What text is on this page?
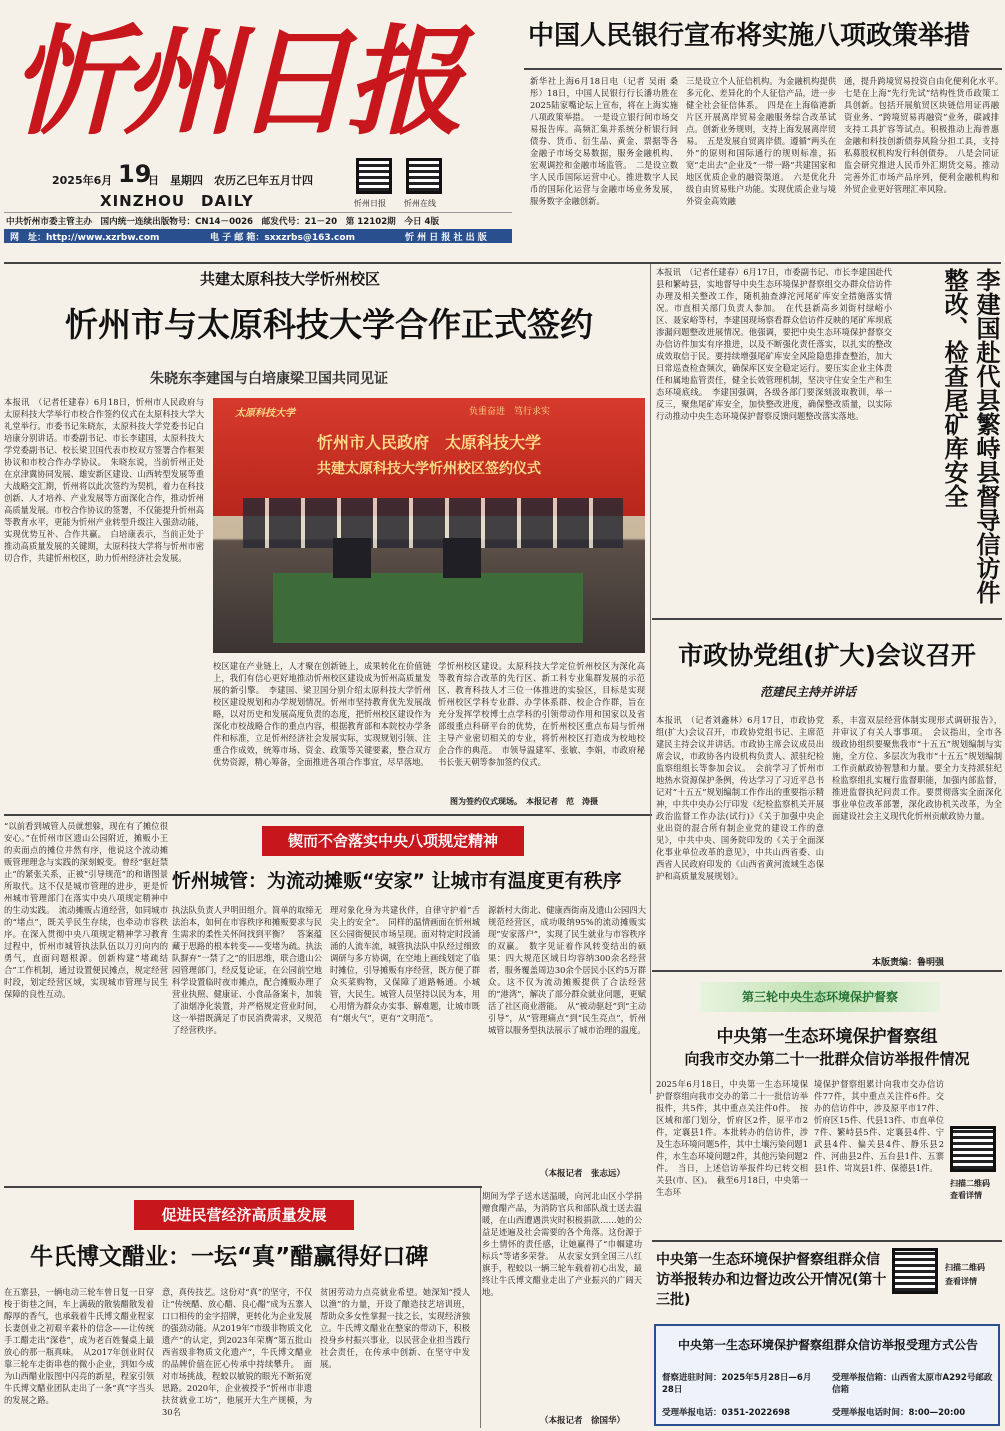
忻州日报
2025年6月 19
日　星期四　农历乙巳年五月廿四
XINZHOU　DAILY	忻州日报 忻州在线
中共忻州市委主管主办　国内统一连续出版物号：CN14－0026　邮发代号：21－20　第 12102期　今日 4版
网　址：http://www.xzrbw.com	电 子 邮 箱：sxxzrbs@163.com	忻 州 日 报 社 出 版
中国人民银行宣布将实施八项政策举措
新华社上海6月18日电（记者 吴雨 桑彤）18日，中国人民银行行长潘功胜在2025陆家嘴论坛上宣布，将在上海实施八项政策举措。　一是设立银行间市场交易报告库。高频汇集并系统分析银行间债券、货币、衍生品、黄金、票据等各金融子市场交易数据，服务金融机构、宏观调控和金融市场监管。　二是设立数字人民币国际运营中心。推进数字人民币的国际化运营与金融市场业务发展，服务数字金融创新。
三是设立个人征信机构。为金融机构提供多元化、差异化的个人征信产品，进一步健全社会征信体系。　四是在上海临港新片区开展离岸贸易金融服务综合改革试点。创新业务规则，支持上海发展离岸贸易。　五是发展自贸离岸债。遵循“两头在外”的原则和国际通行的规则标准，拓宽“走出去”企业及“一带一路”共建国家和地区优质企业的融资渠道。　六是优化升级自由贸易账户功能。实现优质企业与境外资金高效融
通，提升跨境贸易投资自由化便利化水平。　七是在上海“先行先试”结构性货币政策工具创新。包括开展航贸区块链信用证再融资业务、“跨境贸易再融资”业务，碳减排支持工具扩容等试点。积极推动上海普惠金融和科技创新债券风险分担工具，支持私募股权机构发行科创债券。　八是会同证监会研究推进人民币外汇期货交易。推动完善外汇市场产品序列，便利金融机构和外贸企业更好管理汇率风险。
共建太原科技大学忻州校区
忻州市与太原科技大学合作正式签约
朱晓东李建国与白培康梁卫国共同见证
本报讯　（记者任建春）6月18日，忻州市人民政府与太原科技大学举行市校合作签约仪式在太原科技大学大礼堂举行。市委书记朱晓东，太原科技大学党委书记白培康分别讲话。市委副书记、市长李建国，太原科技大学党委副书记、校长梁卫国代表市校双方签署合作框架协议和市校合作办学协议。　朱晓东说，当前忻州正处在京津冀协同发展、雄安新区建设、山西转型发展等重大战略交汇期，忻州将以此次签约为契机，着力在科技创新、人才培养、产业发展等方面深化合作，推动忻州高质量发展。市校合作协议的签署，不仅能提升忻州高等教育水平，更能为忻州产业转型升级注入强劲动能，实现优势互补、合作共赢。　白培康表示，当前正处于推动高质量发展的关键期，太原科技大学将与忻州市密切合作，共建忻州校区，助力忻州经济社会发展。
太原科技大学	负重奋进　笃行求实
忻州市人民政府　太原科技大学
共建太原科技大学忻州校区签约仪式
图为签约仪式现场。　本报记者　范　涛摄
校区建在产业链上，人才聚在创新链上，成果转化在价值链上，我们有信心更好地推动忻州校区建设成为忻州高质量发展的新引擎。　李建国、梁卫国分别介绍太原科技大学忻州校区建设规划和办学规划情况。忻州市坚持教育优先发展战略，以对历史和发展高度负责的态度，把忻州校区建设作为深化市校战略合作的重点内容，根据教育部和本院校办学条件和标准，立足忻州经济社会发展实际，实现规划引领、注重合作成效，统筹市场、资金、政策等关键要素，整合双方优势资源，精心筹备，全面推进各项合作事宜，尽早落地。
学忻州校区建设。太原科技大学定位忻州校区为深化高等教育综合改革的先行区、新工科专业集群发展的示范区、教育科技人才三位一体推进的实验区，目标是实现忻州校区学科专业群、办学体系群、校企合作群，旨在充分发挥学校博士点学科的引领带动作用和国家以及省部级重点科研平台的优势，在忻州校区重点布局与忻州主导产业密切相关的专业，将忻州校区打造成为校地校企合作的典范。　市领导温建军、张敏、李娟，市政府秘书长张天朝等参加签约仪式。
本报讯　（记者任建春）6月17日，市委副书记、市长李建国赴代县和繁峙县，实地督导中央生态环境保护督察组交办群众信访件办理及相关整改工作，随机抽查滹沱河尾矿库安全措施落实情况。市直相关部门负责人参加。　在代县新高乡刘街村绿峪小区、聂家峪等村，李建国现场察看群众信访件反映的尾矿库坝底渗漏问题整改进展情况。他强调，要把中央生态环境保护督察交办信访件加实有序推进，以及不断强化责任落实，以扎实的整改成效取信于民。要持续增强尾矿库安全风险隐患排查整治，加大日常巡查检查频次，确保库区安全稳定运行。要压实企业主体责任和属地监管责任，健全长效管理机制，坚决守住安全生产和生态环境底线。　李建国强调，各级各部门要深刻汲取教训，举一反三，聚焦尾矿库安全，加快整改进度，确保整改质量，以实际行动推动中央生态环境保护督察反馈问题整改落实落地。	李建国赴代县繁峙县督导信访件整改、检查尾矿库安全
市政协党组(扩大)会议召开
范建民主持并讲话
本报讯　（记者刘鑫林）6月17日，市政协党组(扩大)会议召开，市政协党组书记、主席范建民主持会议并讲话。市政协主席会议成员出席会议，市政协各内设机构负责人、派驻纪检监察组组长等参加会议。　会前学习了忻州市地热水资源保护条例，传达学习了习近平总书记对“十五五”规划编制工作作出的重要指示精神，中共中央办公厅印发《纪检监察机关开展政治监督工作办法(试行)》《关于加强中央企业出资的混合所有制企业党的建设工作的意见》，中共中央、国务院印发的《关于全面深化事业单位改革的意见》，中共山西省委、山西省人民政府印发的《山西省黄河流域生态保护和高质量发展规划》。
系，丰富双层经营体制实现形式调研报告》，并审议了有关人事事项。　会议指出，全市各级政协组织要聚焦我市“十五五”规划编制与实施，全方位、多层次为我市“十五五”规划编制工作贡献政协智慧和力量。要全力支持派驻纪检监察组扎实履行监督职能，加强内部监督，推进监督执纪问责工作。要贯彻落实全面深化事业单位改革部署，深化政协机关改革，为全面建设社会主义现代化忻州贡献政协力量。
本版责编：鲁明强
“以前看到城管人员就想躲，现在有了摊位很安心。”在忻州市区遗山公园附近，摊贩小王的卖面点的摊位井然有序，他说这个流动摊贩管理理念与实践的深刻蜕变。曾经“驱赶禁止”的紧张关系，正被“引导规范”的和谐图景所取代。这不仅是城市管理的进步，更是忻州城市管理部门在落实中央八项规定精神中的生动实践。　流动摊贩占道经营，如同城市的“堵点”，既关乎民生存续，也牵动市容秩序。在深入贯彻中央八项规定精神学习教育过程中，忻州市城管执法队伍以刀刃向内的勇气，直面问题根源。创新构建“堵疏结合”工作机制，通过设置便民摊点，规定经营时段，划定经营区域，实现城市管理与民生保障的良性互动。
锲而不舍落实中央八项规定精神
忻州城管：为流动摊贩“安家” 让城市有温度更有秩序
执法队负责人尹明田组介。简单的取缔无法治本，如何在市容秩序和摊贩要求与民生需求的柔性关怀间找到平衡？　答案蕴藏于思路的根本转变——变堵为疏。执法队摒弃“一禁了之”的旧思维，联合遗山公园管理部门，经反复论证，在公园前空地科学设置临时夜市摊点，配合摊贩办理了营业执照、健康证、小食品备案卡，加装了油烟净化装置，并严格规定营业时间，这一举措既满足了市民消费需求，又规范了经营秩序。
理对象化身为共建伙伴，自律守护着“舌尖上的安全”。　同样的温情画面在忻州城区公园街便民市场呈现。面对特定时段涌涌的人流车流，城管执法队中队经过细致调研与多方协调，在空地上画线划定了临时摊位，引导摊贩有序经营，既方便了群众买菜购物，又保障了道路畅通。小城管，大民生。城管人员坚持以民为本，用心用情为群众办实事、解难题，让城市既有“烟火气”，更有“文明范”。
源新村大街北、健康西街南及遗山公园四大规范经营区，成功吸纳95%的流动摊贩实现“安家落户”，实现了民生就业与市容秩序的双赢。　数字见证着作风转变结出的硕果：四大规范区域日均容纳300余名经营者，服务覆盖周边30余个居民小区约5万群众。这不仅为流动摊贩提供了合法经营的“港湾”，解决了部分群众就业问题，更赋活了社区商业潜能。　从“被动驱赶”到“主动引导”，从“管理痛点”到“民生亮点”，忻州城管以服务型执法展示了城市治理的温度。
（本报记者　张志远）
促进民营经济高质量发展
牛氏博文醋业：一坛“真”醋赢得好口碑
在五寨县，一辆电动三轮车曾日复一日穿梭于街巷之间，车上满载的散装醋散发着醇厚的香气，也承载着牛氏博文醋业程家长妻创业之初艰辛素朴的信念——让传统手工醋走出“深巷”，成为老百姓餐桌上最放心的那一瓶真味。　从2017年创业时仅靠三轮车走街串巷的微小企业，到如今成为山西醋业版图中闪亮的新星，程家引领牛氏博文醋业团队走出了一条“真”字当头的发展之路。
意，真传技艺。这份对“真”的坚守，不仅让“传统醋、放心醋、良心醋”成为五寨人口口相传的金字招牌，更转化为企业发展的强劲动能。从2019年“市级非物质文化遗产”的认定，到2023年荣膺“第五批山西省级非物质文化遗产”，牛氏博文醋业的品牌价值在匠心传承中持续攀升。　面对市场挑战，程蛟以敏锐的眼光不断拓宽思路。2020年，企业被授予“忻州市非遗扶贫就业工坊”，他展开大生产规模，为30名
贫困劳动力点亮就业希望。她深知“授人以渔”的力量，开设了酿造技艺培训班，帮助众多女性掌握一技之长，实现经济独立。牛氏博文醋业在整家的带动下，积极投身乡村振兴事业，以民营企业担当践行社会责任，在传承中创新、在坚守中发展。
期间为学子送水送温暖，向河北山区小学捐赠食醋产品，为消防官兵和部队战士送去温暖，在山西遭遇洪灾时积极捐款……她的公益足迹遍及社会需要的各个角落。这份源于乡土情怀的责任感，让她赢得了“巾帼建功标兵”等诸多荣誉。　从农家女到全国三八红旗手，程蛟以一辆三轮车载着初心出发，最终让牛氏博文醋业走出了产业振兴的广阔天地。
（本报记者　徐国华）
第三轮中央生态环境保护督察
中央第一生态环境保护督察组
向我市交办第二十一批群众信访举报件情况
2025年6月18日，中央第一生态环境保护督察组向我市交办的第二十一批信访举报件，共5件，其中重点关注件0件。　按区域和部门划分，忻府区2件，原平市2件，定襄县1件。本批转办的信访件，涉及生态环境问题5件，其中土壤污染问题1件，水生态环境问题2件，其他污染问题2件。　当日，上述信访举报件均已转交相关县(市、区)。　截至6月18日，中央第一生态环
境保护督察组累计向我市交办信访件77件，其中重点关注件6件。交办的信访件中，涉及原平市17件、忻府区15件、代县13件、市直单位7件、繁峙县5件、定襄县4件、宁武县4件、偏关县4件、静乐县2件、河曲县2件、五台县1件、五寨县1件、岢岚县1件、保德县1件。
扫描二维码
查看详情
中央第一生态环境保护督察组群众信访举报转办和边督边改公开情况(第十三批)
扫描二维码
查看详情
中央第一生态环境保护督察组群众信访举报受理方式公告
督察进驻时间：2025年5月28日—6月28日
受理举报信箱：山西省太原市A292号邮政信箱
受理举报电话：0351-2022698	受理举报电话时间：8:00—20:00
